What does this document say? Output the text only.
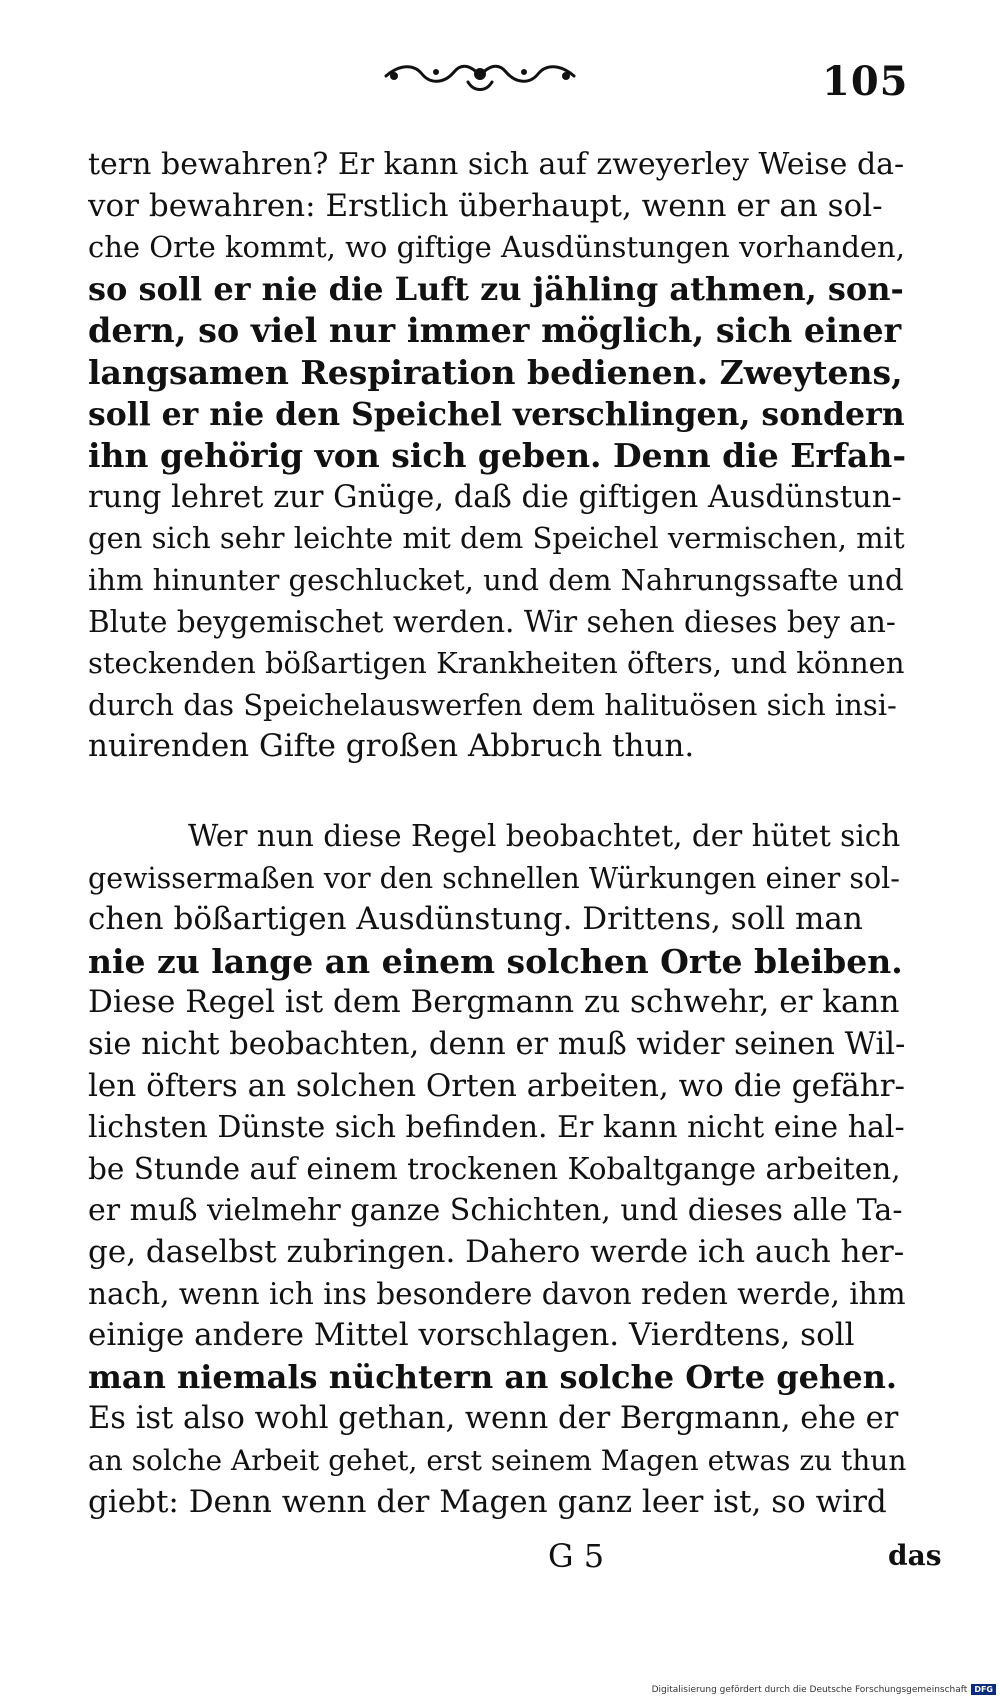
105
tern bewahren? Er kann sich auf zweyerley Weise da-
vor bewahren: Erstlich überhaupt, wenn er an sol-
che Orte kommt, wo giftige Ausdünstungen vorhanden,
so soll er nie die Luft zu jähling athmen, son-
dern, so viel nur immer möglich, sich einer
langsamen Respiration bedienen. Zweytens,
soll er nie den Speichel verschlingen, sondern
ihn gehörig von sich geben. Denn die Erfah-
rung lehret zur Gnüge, daß die giftigen Ausdünstun-
gen sich sehr leichte mit dem Speichel vermischen, mit
ihm hinunter geschlucket, und dem Nahrungssafte und
Blute beygemischet werden. Wir sehen dieses bey an-
steckenden bößartigen Krankheiten öfters, und können
durch das Speichelauswerfen dem halituösen sich insi-
nuirenden Gifte großen Abbruch thun.
Wer nun diese Regel beobachtet, der hütet sich
gewissermaßen vor den schnellen Würkungen einer sol-
chen bößartigen Ausdünstung. Drittens, soll man
nie zu lange an einem solchen Orte bleiben.
Diese Regel ist dem Bergmann zu schwehr, er kann
sie nicht beobachten, denn er muß wider seinen Wil-
len öfters an solchen Orten arbeiten, wo die gefähr-
lichsten Dünste sich befinden. Er kann nicht eine hal-
be Stunde auf einem trockenen Kobaltgange arbeiten,
er muß vielmehr ganze Schichten, und dieses alle Ta-
ge, daselbst zubringen. Dahero werde ich auch her-
nach, wenn ich ins besondere davon reden werde, ihm
einige andere Mittel vorschlagen. Vierdtens, soll
man niemals nüchtern an solche Orte gehen.
Es ist also wohl gethan, wenn der Bergmann, ehe er
an solche Arbeit gehet, erst seinem Magen etwas zu thun
giebt: Denn wenn der Magen ganz leer ist, so wird
G 5	das
Digitalisierung gefördert durch die Deutsche Forschungsgemeinschaft DFG
